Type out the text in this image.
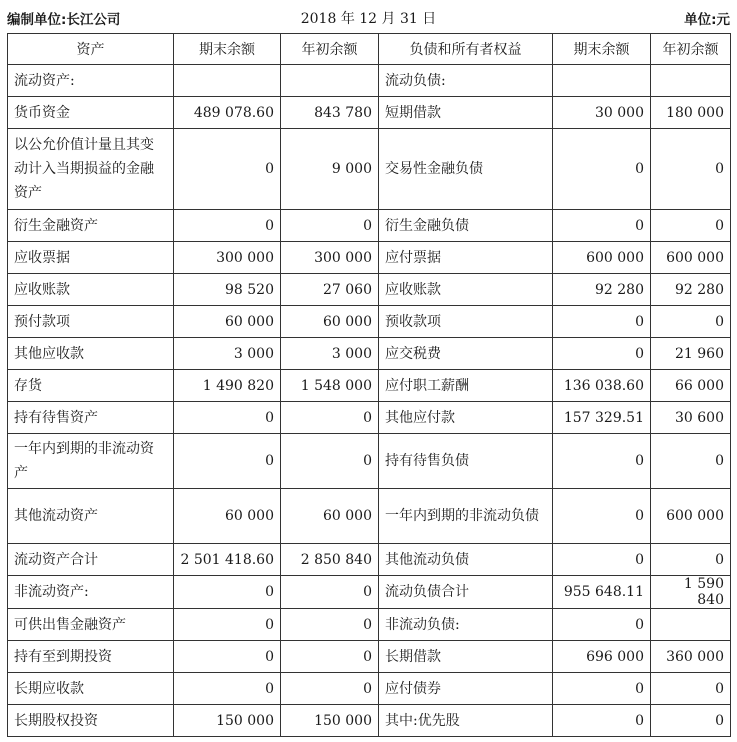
编制单位:长江公司	2018 年 12 月 31 日	单位:元
资产	期末余额	年初余额	负债和所有者权益	期末余额	年初余额
流动资产:			流动负债:		
货币资金	489 078.60	843 780	短期借款	30 000	180 000
以公允价值计量且其变动计入当期损益的金融资产	0	9 000	交易性金融负债	0	0
衍生金融资产	0	0	衍生金融负债	0	0
应收票据	300 000	300 000	应付票据	600 000	600 000
应收账款	98 520	27 060	应收账款	92 280	92 280
预付款项	60 000	60 000	预收款项	0	0
其他应收款	3 000	3 000	应交税费	0	21 960
存货	1 490 820	1 548 000	应付职工薪酬	136 038.60	66 000
持有待售资产	0	0	其他应付款	157 329.51	30 600
一年内到期的非流动资产	0	0	持有待售负债	0	0
其他流动资产	60 000	60 000	一年内到期的非流动负债	0	600 000
流动资产合计	2 501 418.60	2 850 840	其他流动负债	0	0
非流动资产:	0	0	流动负债合计	955 648.11	1 590 840
可供出售金融资产	0	0	非流动负债:	0	
持有至到期投资	0	0	长期借款	696 000	360 000
长期应收款	0	0	应付债券	0	0
长期股权投资	150 000	150 000	其中:优先股	0	0
